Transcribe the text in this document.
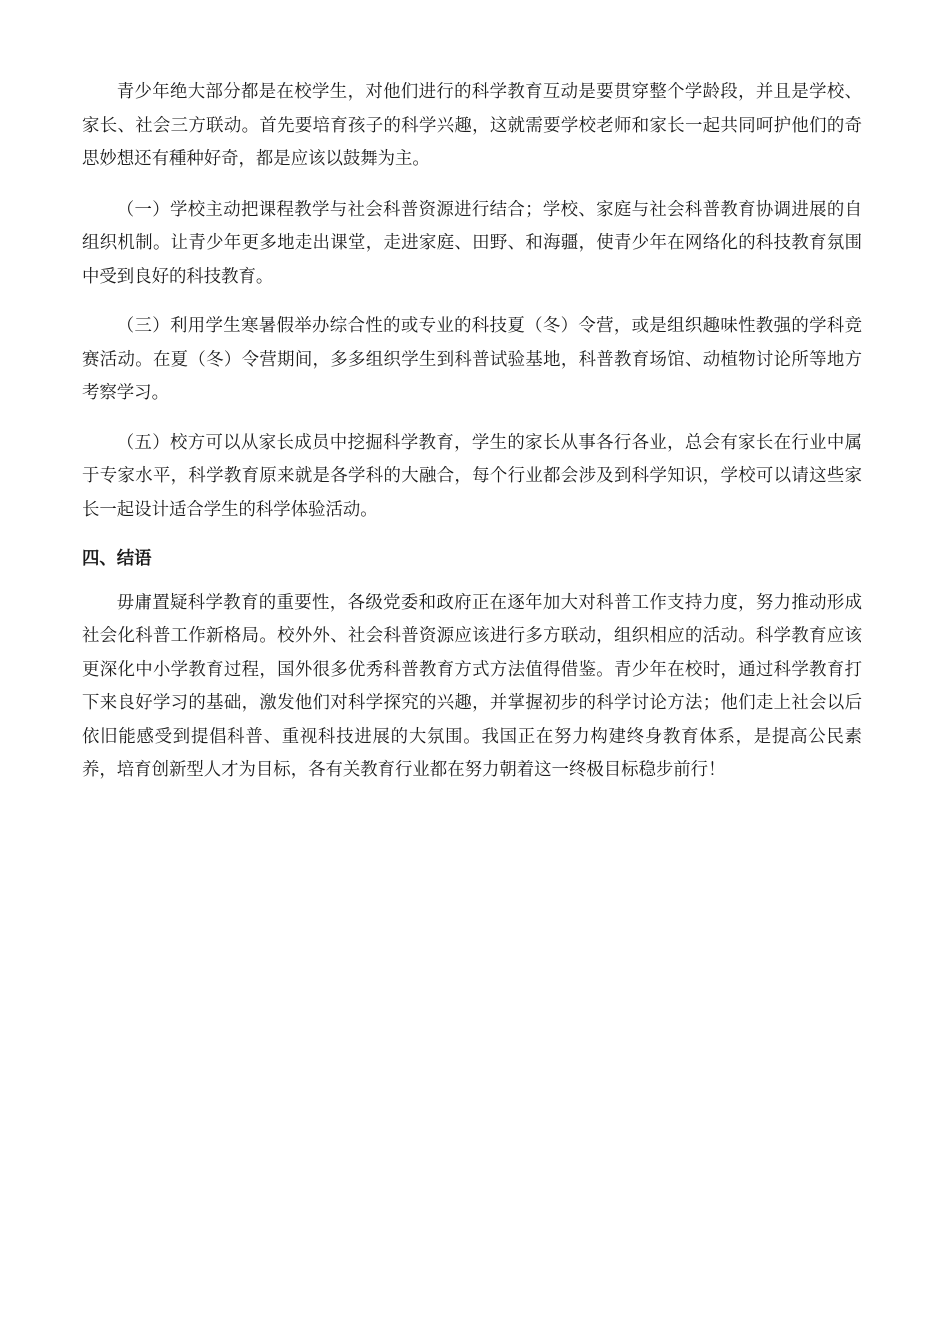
青少年绝大部分都是在校学生，对他们进行的科学教育互动是要贯穿整个学龄段，并且是学校、家长、社会三方联动。首先要培育孩子的科学兴趣，这就需要学校老师和家长一起共同呵护他们的奇思妙想还有種种好奇，都是应该以鼓舞为主。

（一）学校主动把课程教学与社会科普资源进行结合；学校、家庭与社会科普教育协调进展的自组织机制。让青少年更多地走出课堂，走进家庭、田野、和海疆，使青少年在网络化的科技教育氛围中受到良好的科技教育。

（三）利用学生寒暑假举办综合性的或专业的科技夏（冬）令营，或是组织趣味性教强的学科竞赛活动。在夏（冬）令营期间，多多组织学生到科普试验基地，科普教育场馆、动植物讨论所等地方考察学习。

（五）校方可以从家长成员中挖掘科学教育，学生的家长从事各行各业，总会有家长在行业中属于专家水平，科学教育原来就是各学科的大融合，每个行业都会涉及到科学知识，学校可以请这些家长一起设计适合学生的科学体验活动。

四、结语

毋庸置疑科学教育的重要性，各级党委和政府正在逐年加大对科普工作支持力度，努力推动形成社会化科普工作新格局。校外外、社会科普资源应该进行多方联动，组织相应的活动。科学教育应该更深化中小学教育过程，国外很多优秀科普教育方式方法值得借鉴。青少年在校时，通过科学教育打下来良好学习的基础，激发他们对科学探究的兴趣，并掌握初步的科学讨论方法；他们走上社会以后依旧能感受到提倡科普、重视科技进展的大氛围。我国正在努力构建终身教育体系，是提高公民素养，培育创新型人才为目标，各有关教育行业都在努力朝着这一终极目标稳步前行！
